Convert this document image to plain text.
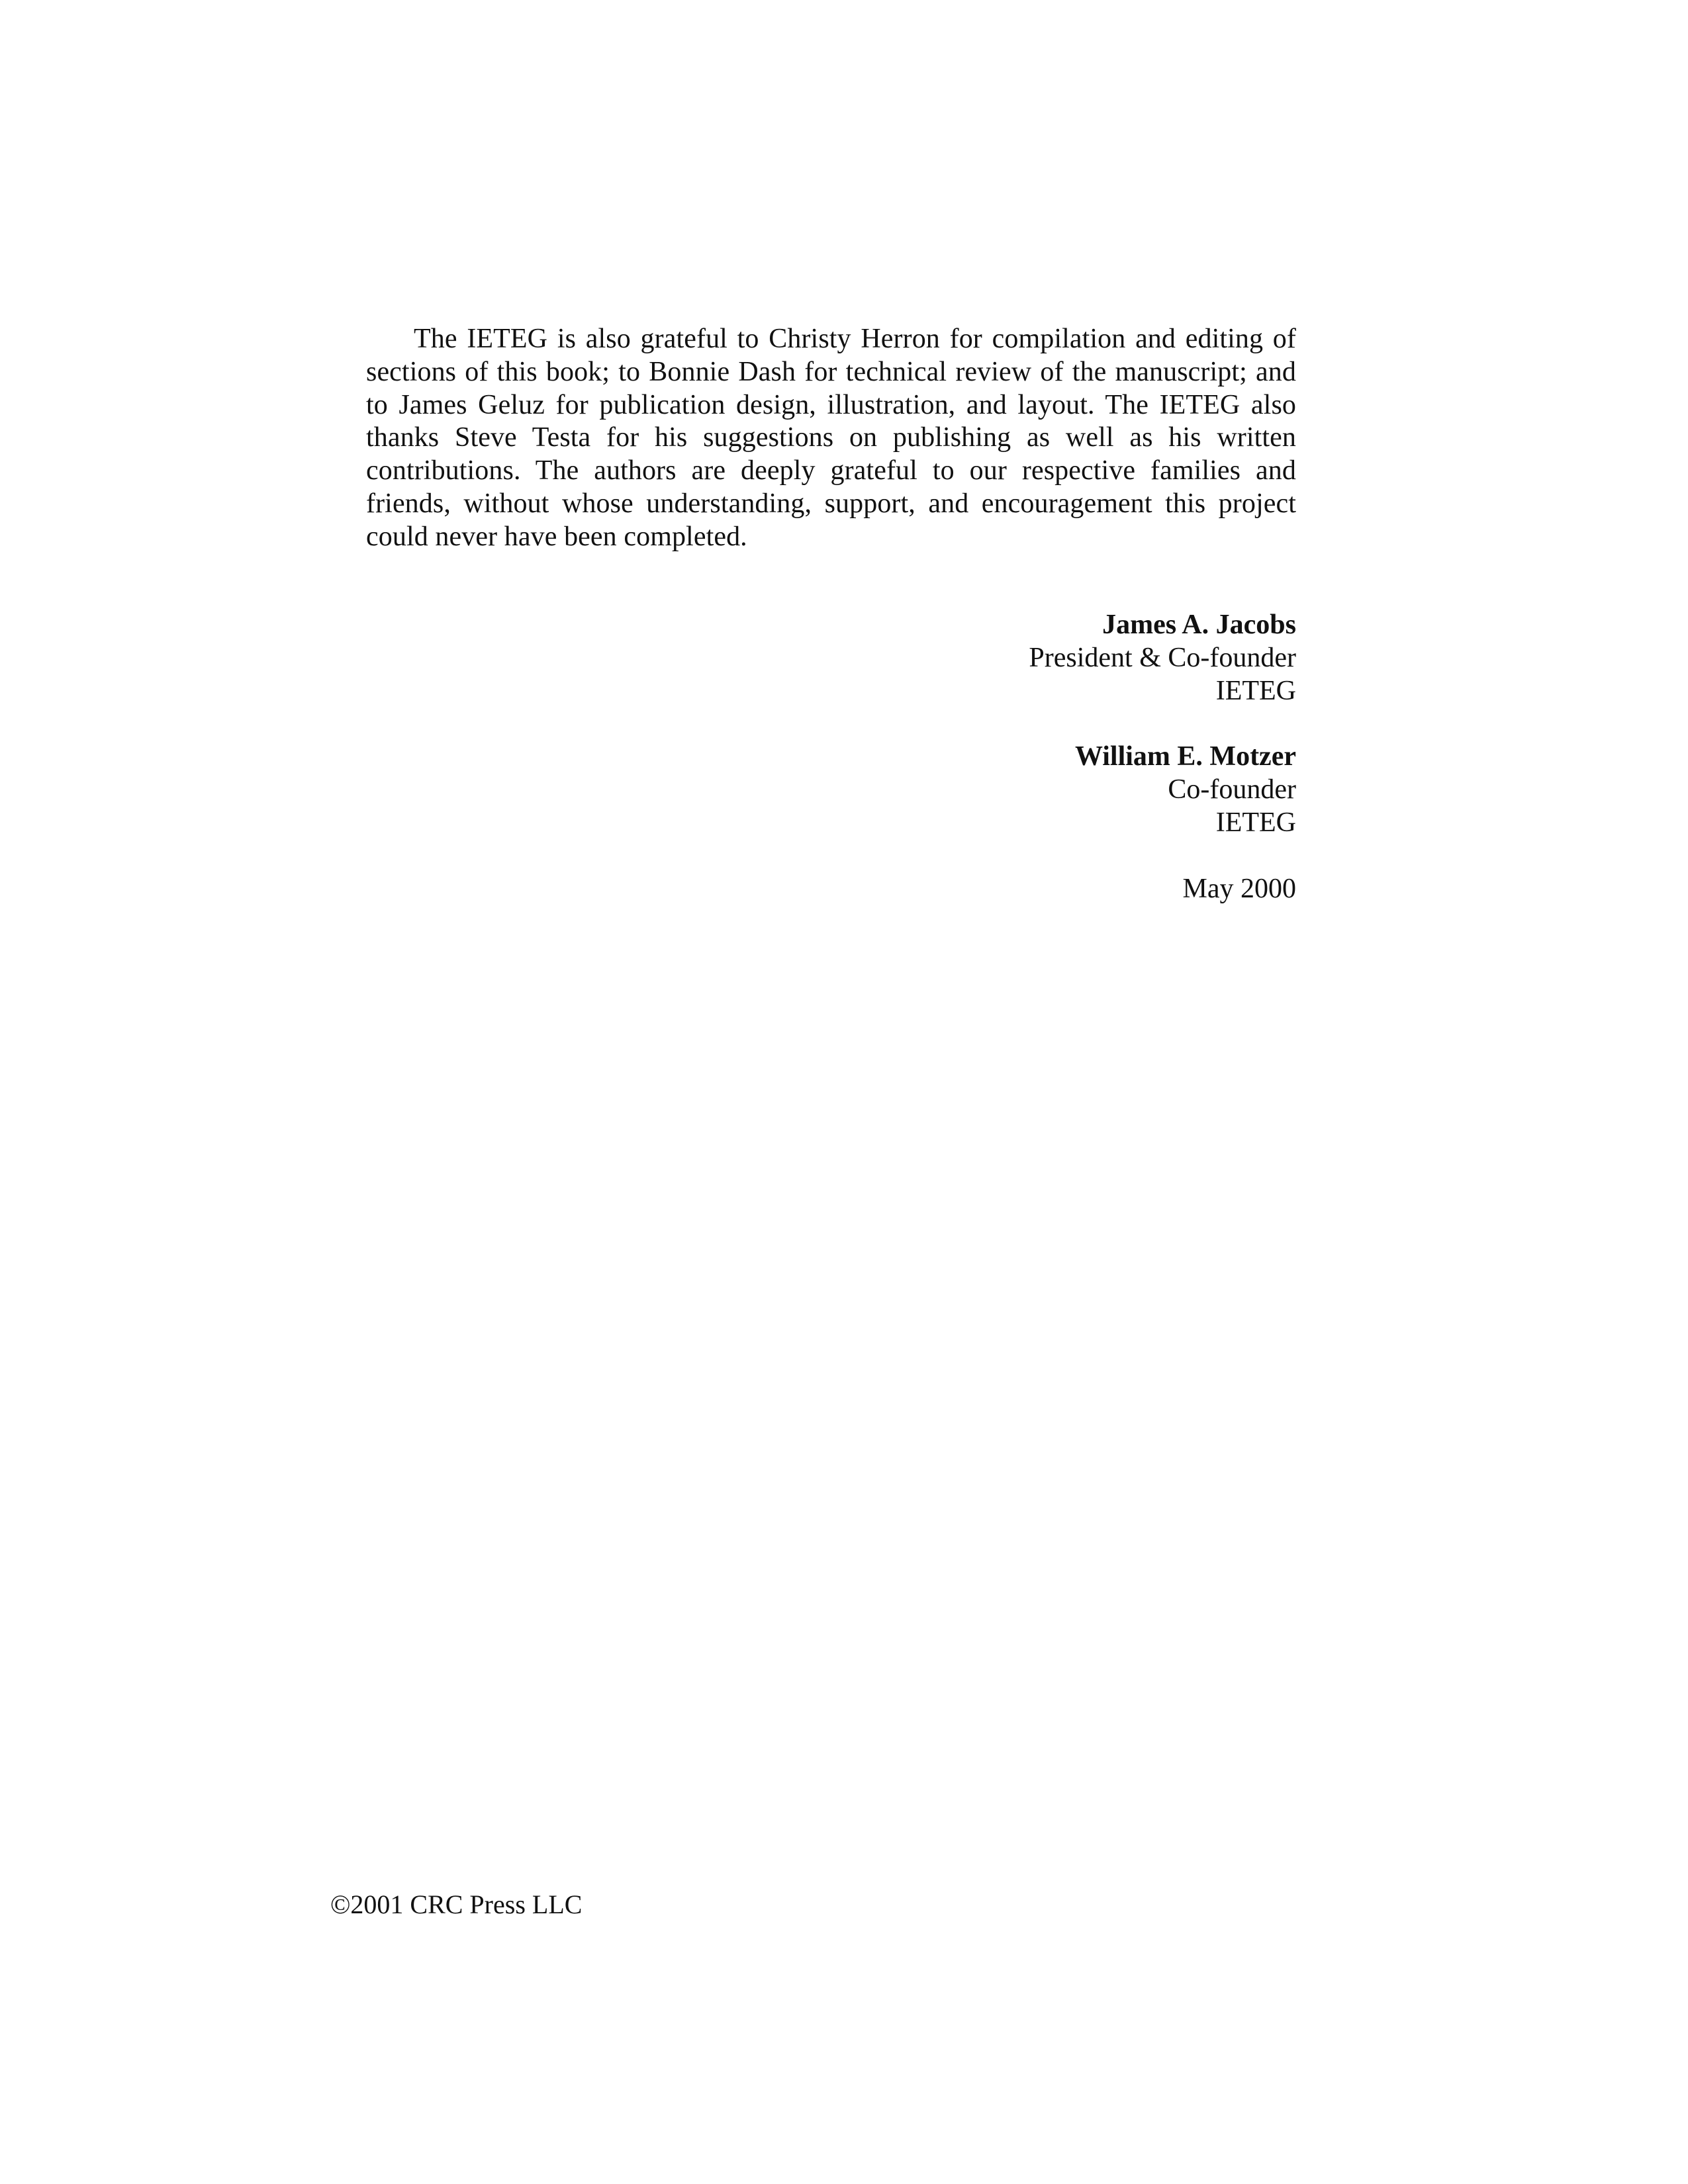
The IETEG is also grateful to Christy Herron for compilation and editing of sections of this book; to Bonnie Dash for technical review of the manuscript; and to James Geluz for publication design, illustration, and layout. The IETEG also thanks Steve Testa for his suggestions on publishing as well as his written contributions. The authors are deeply grateful to our respective families and friends, without whose understanding, support, and encouragement this project could never have been completed.

James A. Jacobs
President & Co-founder
IETEG
William E. Motzer
Co-founder
IETEG
May 2000
©2001 CRC Press LLC
